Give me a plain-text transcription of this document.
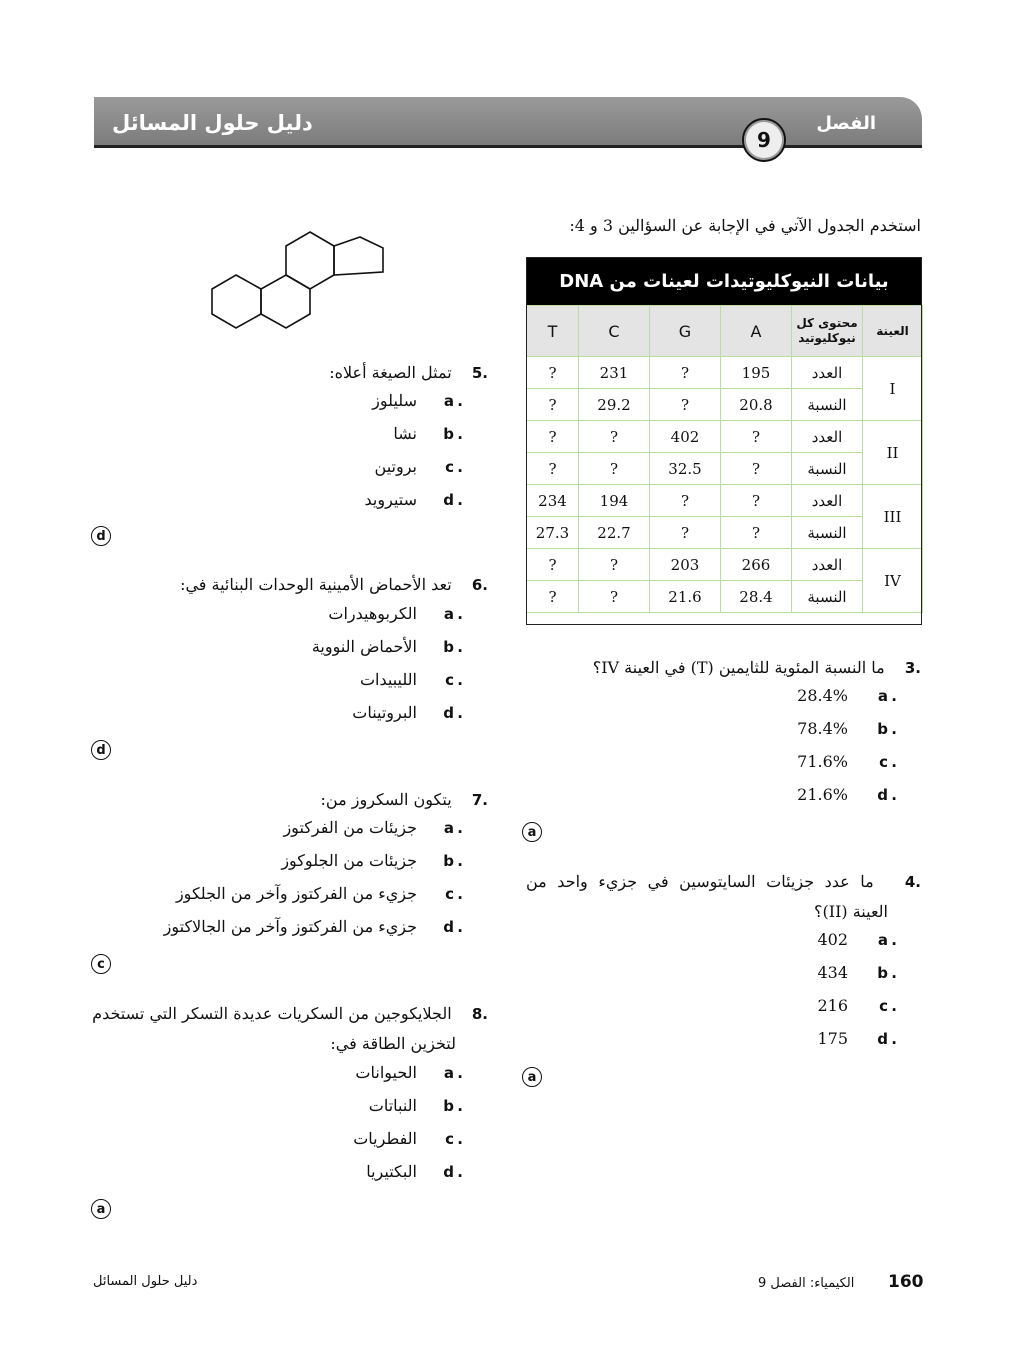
دليل حلول المسائل	الفصل
9
استخدم الجدول الآتي في الإجابة عن السؤالين 3 و 4:
بيانات النيوكليوتيدات لعينات من DNA
T	C	G	A	محتوى كل نيوكليوتيد	العينة
?	231	?	195	العدد	I
?	29.2	?	20.8	النسبة	
?	?	402	?	العدد	II
?	?	32.5	?	النسبة	
234	194	?	?	العدد	III
27.3	22.7	?	?	النسبة	
?	?	203	266	العدد	IV
?	?	21.6	28.4	النسبة	
.3  ما النسبة المئوية للثايمين (T) في العينة IV؟
a .
28.4%
b .
78.4%
c .
71.6%
d .
21.6%
a
.4  ما عدد جزيئات السايتوسين في جزيء واحد من
العينة (II)؟
a .
402
b .
434
c .
216
d .
175
a
.5  تمثل الصيغة أعلاه:
a .
سليلوز
b .
نشا
c .
بروتين
d .
ستيرويد
d
.6  تعد الأحماض الأمينية الوحدات البنائية في:
a .
الكربوهيدرات
b .
الأحماض النووية
c .
الليبيدات
d .
البروتينات
d
.7  يتكون السكروز من:
a .
جزيئات من الفركتوز
b .
جزيئات من الجلوكوز
c .
جزيء من الفركتوز وآخر من الجلكوز
d .
جزيء من الفركتوز وآخر من الجالاكتوز
c
.8  الجلايكوجين من السكريات عديدة التسكر التي تستخدم
لتخزين الطاقة في:
a .
الحيوانات
b .
النباتات
c .
الفطريات
d .
البكتيريا
a
دليل حلول المسائل	الكيمياء: الفصل 9 160
